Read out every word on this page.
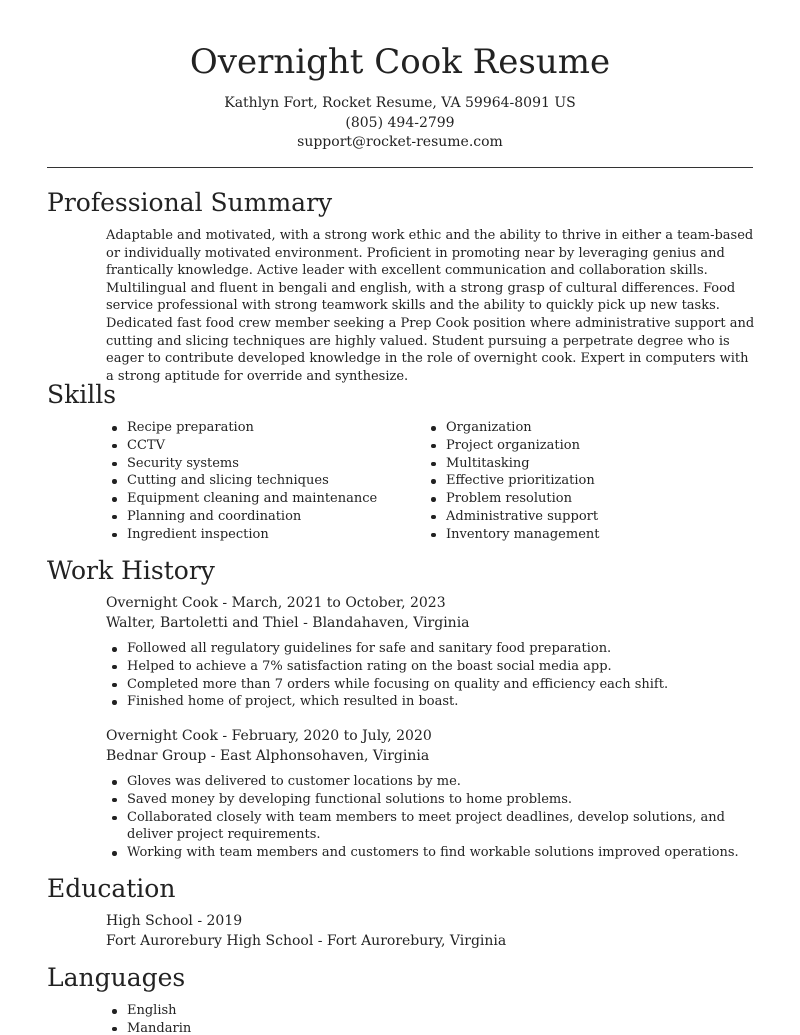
Overnight Cook Resume
Kathlyn Fort, Rocket Resume, VA 59964-8091 US
(805) 494-2799
support@rocket-resume.com
Professional Summary

Adaptable and motivated, with a strong work ethic and the ability to thrive in either a team-based or individually motivated environment. Proficient in promoting near by leveraging genius and frantically knowledge. Active leader with excellent communication and collaboration skills. Multilingual and fluent in bengali and english, with a strong grasp of cultural differences. Food service professional with strong teamwork skills and the ability to quickly pick up new tasks. Dedicated fast food crew member seeking a Prep Cook position where administrative support and cutting and slicing techniques are highly valued. Student pursuing a perpetrate degree who is eager to contribute developed knowledge in the role of overnight cook. Expert in computers with a strong aptitude for override and synthesize.

Skills
Recipe preparation
CCTV
Security systems
Cutting and slicing techniques
Equipment cleaning and maintenance
Planning and coordination
Ingredient inspection
Organization
Project organization
Multitasking
Effective prioritization
Problem resolution
Administrative support
Inventory management
Work History
Overnight Cook - March, 2021 to October, 2023
Walter, Bartoletti and Thiel - Blandahaven, Virginia
Followed all regulatory guidelines for safe and sanitary food preparation.
Helped to achieve a 7% satisfaction rating on the boast social media app.
Completed more than 7 orders while focusing on quality and efficiency each shift.
Finished home of project, which resulted in boast.
Overnight Cook - February, 2020 to July, 2020
Bednar Group - East Alphonsohaven, Virginia
Gloves was delivered to customer locations by me.
Saved money by developing functional solutions to home problems.
Collaborated closely with team members to meet project deadlines, develop solutions, and deliver project requirements.
Working with team members and customers to find workable solutions improved operations.
Education
High School - 2019
Fort Aurorebury High School - Fort Aurorebury, Virginia
Languages
English
Mandarin
